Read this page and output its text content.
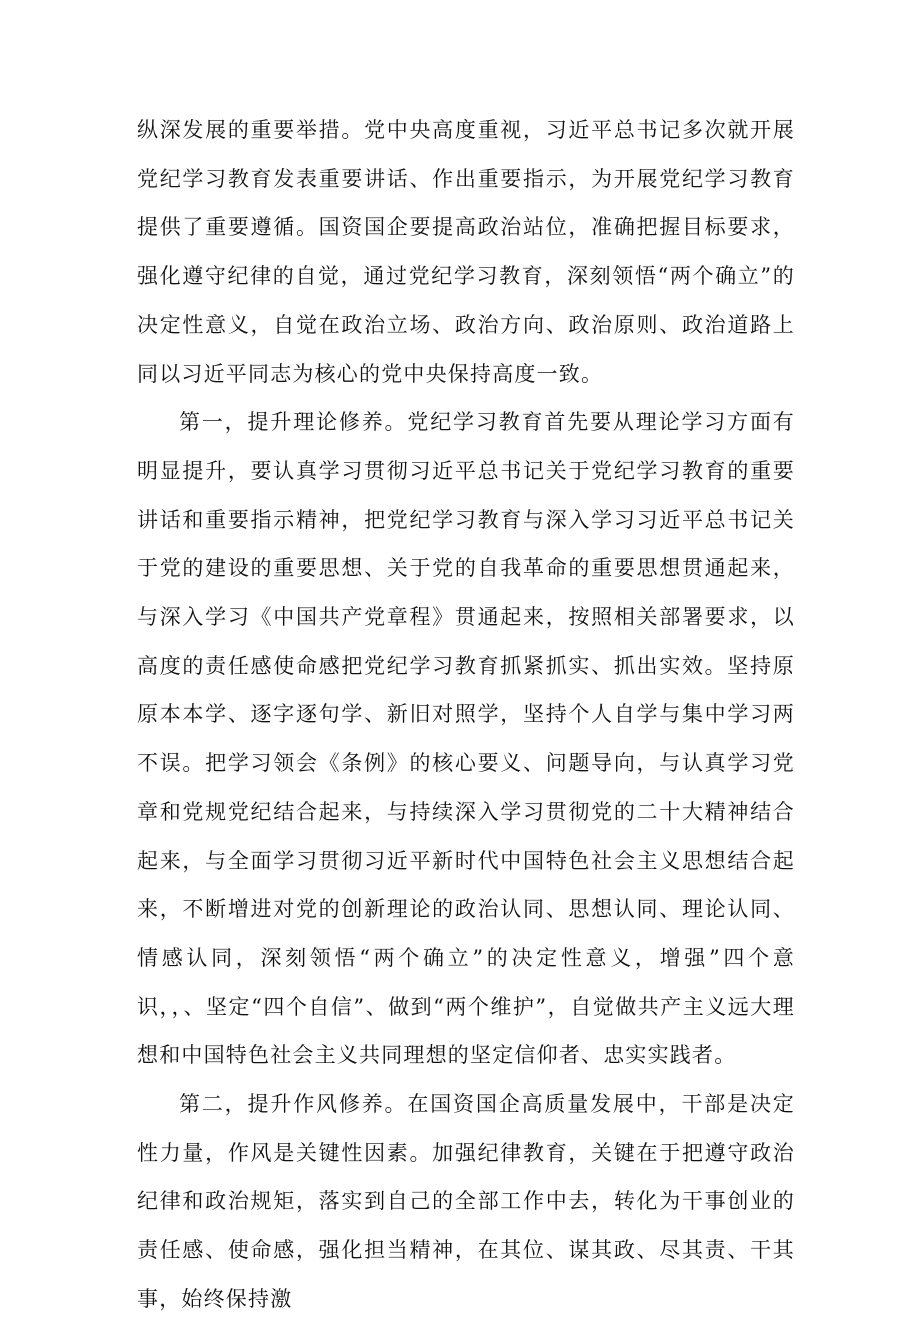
纵深发展的重要举措。党中央高度重视，习近平总书记多次就开展党纪学习教育发表重要讲话、作出重要指示，为开展党纪学习教育提供了重要遵循。国资国企要提高政治站位，准确把握目标要求，强化遵守纪律的自觉，通过党纪学习教育，深刻领悟“两个确立”的决定性意义，自觉在政治立场、政治方向、政治原则、政治道路上同以习近平同志为核心的党中央保持高度一致。

第一，提升理论修养。党纪学习教育首先要从理论学习方面有明显提升，要认真学习贯彻习近平总书记关于党纪学习教育的重要讲话和重要指示精神，把党纪学习教育与深入学习习近平总书记关于党的建设的重要思想、关于党的自我革命的重要思想贯通起来，与深入学习《中国共产党章程》贯通起来，按照相关部署要求，以高度的责任感使命感把党纪学习教育抓紧抓实、抓出实效。坚持原原本本学、逐字逐句学、新旧对照学，坚持个人自学与集中学习两不误。把学习领会《条例》的核心要义、问题导向，与认真学习党章和党规党纪结合起来，与持续深入学习贯彻党的二十大精神结合起来，与全面学习贯彻习近平新时代中国特色社会主义思想结合起来，不断增进对党的创新理论的政治认同、思想认同、理论认同、情感认同，深刻领悟“两个确立”的决定性意义，增强”四个意识，，、坚定“四个自信”、做到“两个维护”，自觉做共产主义远大理想和中国特色社会主义共同理想的坚定信仰者、忠实实践者。

第二，提升作风修养。在国资国企高质量发展中，干部是决定性力量，作风是关键性因素。加强纪律教育，关键在于把遵守政治纪律和政治规矩，落实到自己的全部工作中去，转化为干事创业的责任感、使命感，强化担当精神，在其位、谋其政、尽其责、干其事，始终保持激
